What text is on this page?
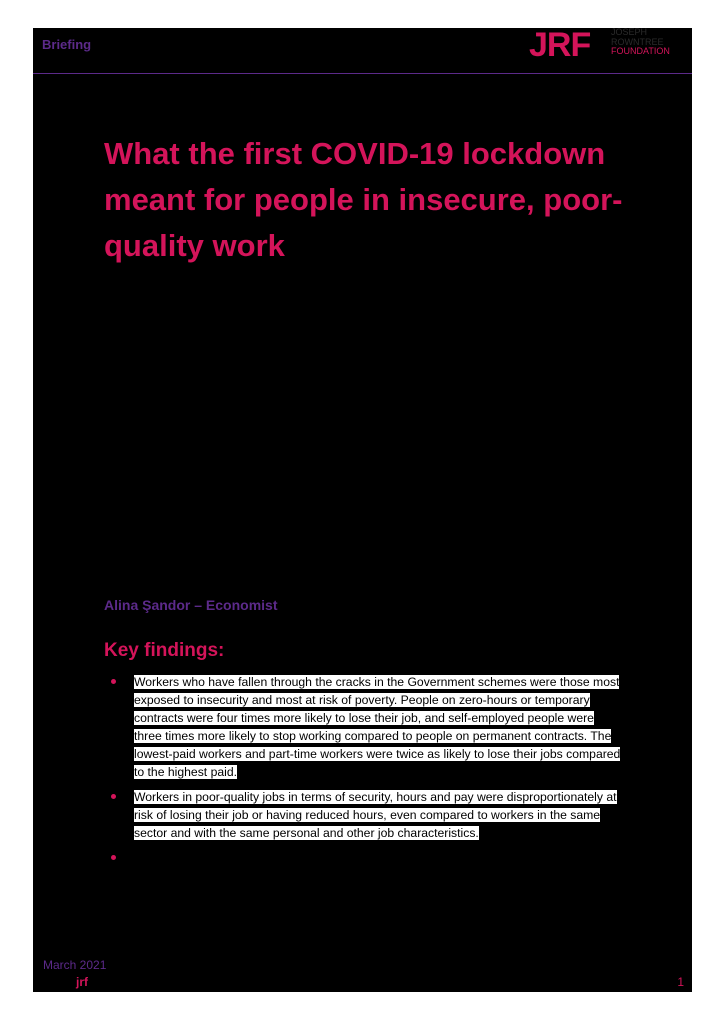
Briefing	JRF JOSEPH
ROWNTREE
FOUNDATION
What the first COVID-19 lockdown meant for people in insecure, poor-quality work
Alina Şandor – Economist
Key findings:
Workers who have fallen through the cracks in the Government schemes were those most exposed to insecurity and most at risk of poverty. People on zero-hours or temporary contracts were four times more likely to lose their job, and self-employed people were three times more likely to stop working compared to people on permanent contracts. The lowest-paid workers and part-time workers were twice as likely to lose their jobs compared to the highest paid.
Workers in poor-quality jobs in terms of security, hours and pay were disproportionately at risk of losing their job or having reduced hours, even compared to workers in the same sector and with the same personal and other job characteristics.
March 2021
jrf	1
